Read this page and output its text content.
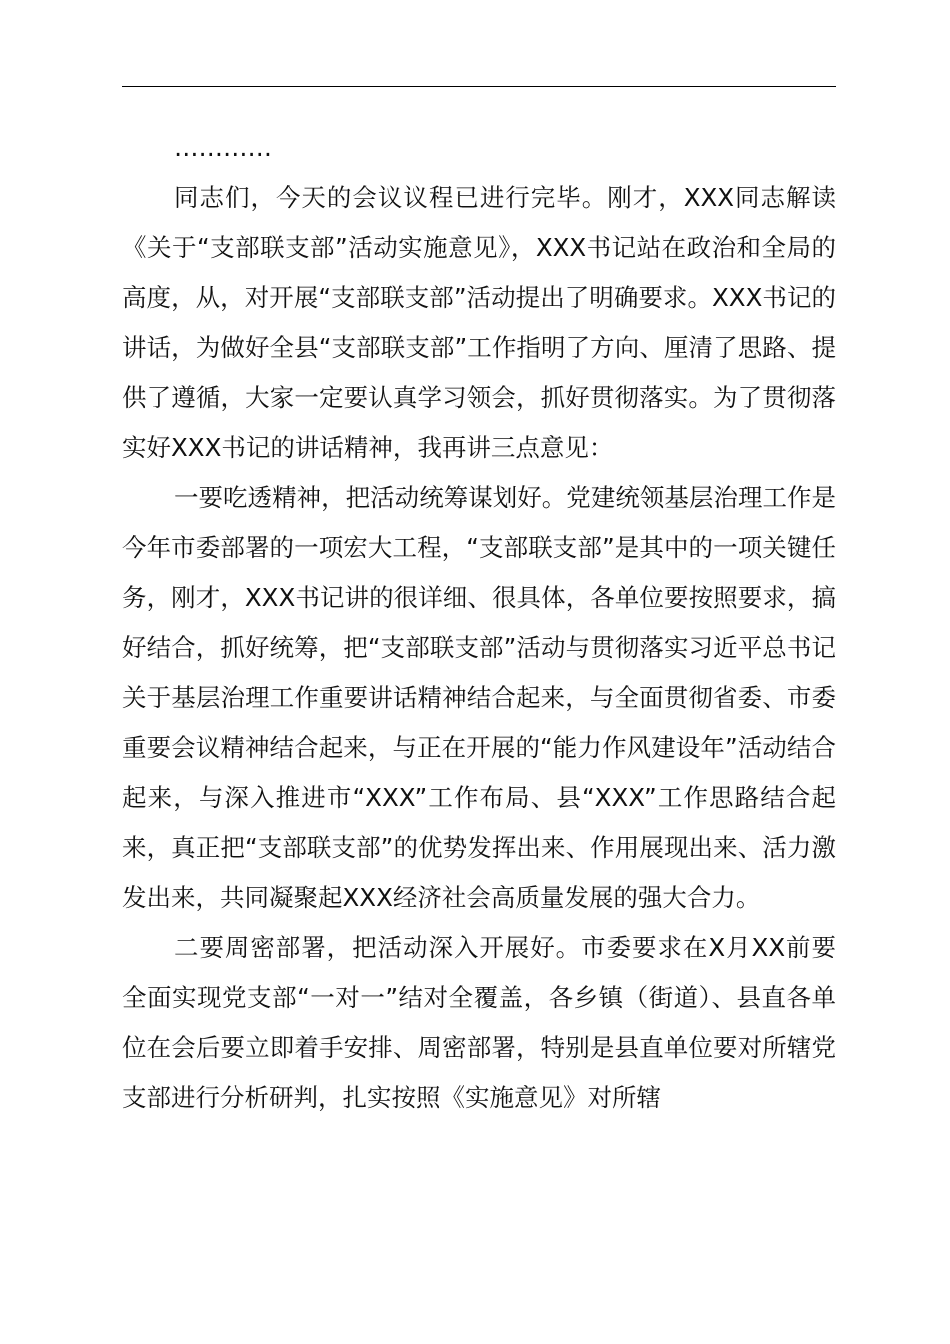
…………

同志们，今天的会议议程已进行完毕。刚才，XXX同志解读《关于“支部联支部”活动实施意见》，XXX书记站在政治和全局的高度，从，对开展“支部联支部”活动提出了明确要求。XXX书记的讲话，为做好全县“支部联支部”工作指明了方向、厘清了思路、提供了遵循，大家一定要认真学习领会，抓好贯彻落实。为了贯彻落实好XXX书记的讲话精神，我再讲三点意见：

一要吃透精神，把活动统筹谋划好。党建统领基层治理工作是今年市委部署的一项宏大工程，“支部联支部”是其中的一项关键任务，刚才，XXX书记讲的很详细、很具体，各单位要按照要求，搞好结合，抓好统筹，把“支部联支部”活动与贯彻落实习近平总书记关于基层治理工作重要讲话精神结合起来，与全面贯彻省委、市委重要会议精神结合起来，与正在开展的“能力作风建设年”活动结合起来，与深入推进市“XXX”工作布局、县“XXX”工作思路结合起来，真正把“支部联支部”的优势发挥出来、作用展现出来、活力激发出来，共同凝聚起XXX经济社会高质量发展的强大合力。

二要周密部署，把活动深入开展好。市委要求在X月XX前要全面实现党支部“一对一”结对全覆盖，各乡镇（街道）、县直各单位在会后要立即着手安排、周密部署，特别是县直单位要对所辖党支部进行分析研判，扎实按照《实施意见》对所辖
